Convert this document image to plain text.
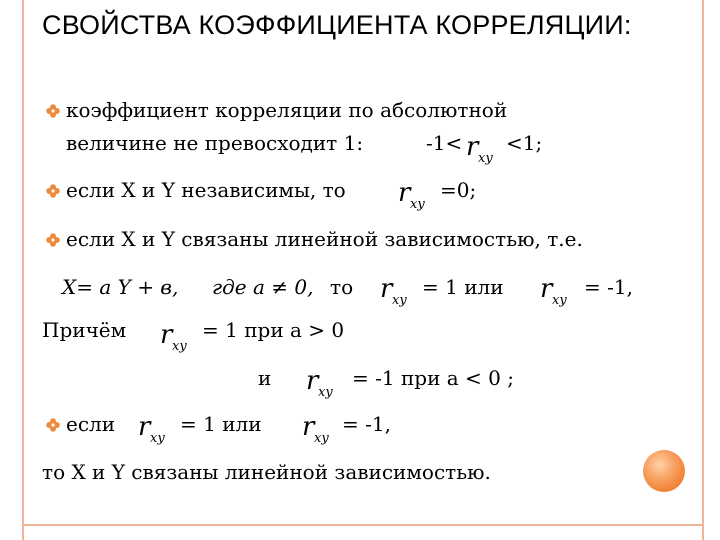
СВОЙСТВА КОЭФФИЦИЕНТА КОРРЕЛЯЦИИ:
коэффициент корреляции по абсолютной
величине не превосходит 1:	-1< r xy
<1;
если X и Y независимы, то r xy
=0;
если X и Y связаны линейной зависимостью, т.е.
X= а Y + в, где а ≠ 0, то r xy
= 1 или r xy
= -1,
Причём r xy
= 1 при а > 0
и r xy
= -1 при а < 0 ;
если r xy
= 1 или r xy
= -1,
то X и Y связаны линейной зависимостью.
